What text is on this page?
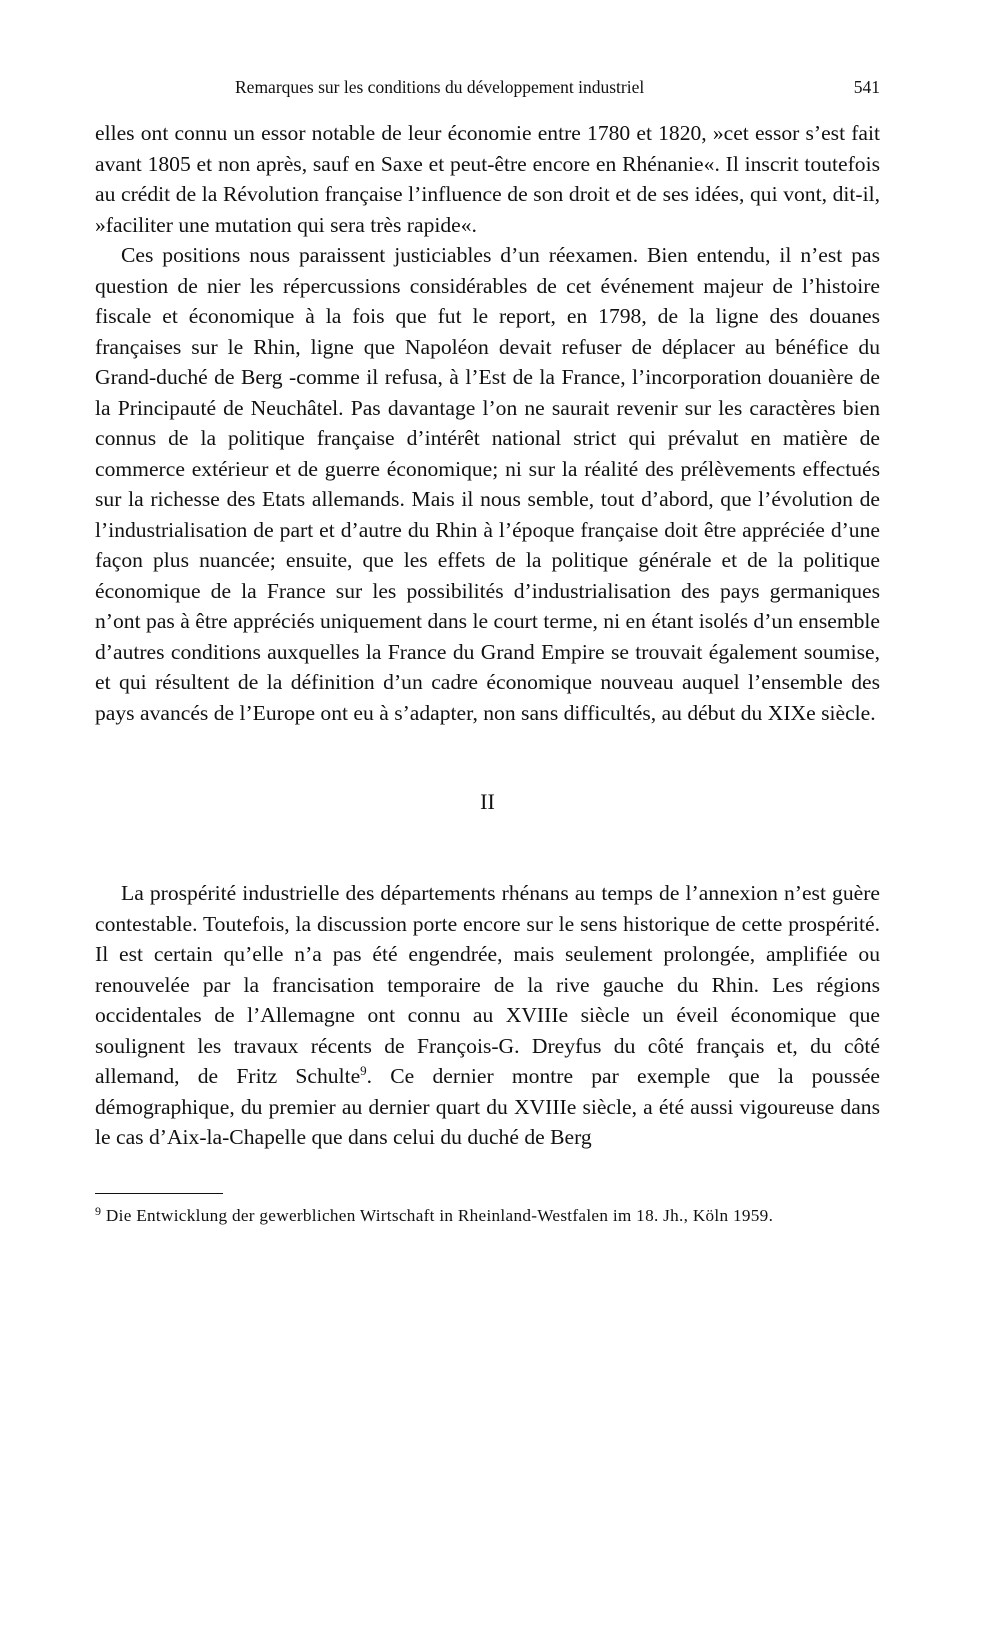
Remarques sur les conditions du développement industriel	541

elles ont connu un essor notable de leur économie entre 1780 et 1820, »cet essor s’est fait avant 1805 et non après, sauf en Saxe et peut-être encore en Rhénanie«. Il inscrit toutefois au crédit de la Révolution française l’influence de son droit et de ses idées, qui vont, dit-il, »faciliter une mutation qui sera très rapide«.

Ces positions nous paraissent justiciables d’un réexamen. Bien entendu, il n’est pas question de nier les répercussions considérables de cet événement majeur de l’histoire fiscale et économique à la fois que fut le report, en 1798, de la ligne des douanes françaises sur le Rhin, ligne que Napoléon devait refuser de déplacer au bénéfice du Grand-duché de Berg -comme il refusa, à l’Est de la France, l’incorporation douanière de la Principauté de Neuchâtel. Pas davantage l’on ne saurait revenir sur les caractères bien connus de la politique française d’intérêt national strict qui prévalut en matière de commerce extérieur et de guerre économique; ni sur la réalité des prélèvements effectués sur la richesse des Etats allemands. Mais il nous semble, tout d’abord, que l’évolution de l’industrialisation de part et d’autre du Rhin à l’époque française doit être appréciée d’une façon plus nuancée; ensuite, que les effets de la politique générale et de la politique économique de la France sur les possibilités d’industrialisation des pays germaniques n’ont pas à être appréciés uniquement dans le court terme, ni en étant isolés d’un ensemble d’autres conditions auxquelles la France du Grand Empire se trouvait également soumise, et qui résultent de la définition d’un cadre économique nouveau auquel l’ensemble des pays avancés de l’Europe ont eu à s’adapter, non sans difficultés, au début du XIXe siècle.

II

La prospérité industrielle des départements rhénans au temps de l’annexion n’est guère contestable. Toutefois, la discussion porte encore sur le sens historique de cette prospérité. Il est certain qu’elle n’a pas été engendrée, mais seulement prolongée, amplifiée ou renouvelée par la francisation temporaire de la rive gauche du Rhin. Les régions occidentales de l’Allemagne ont connu au XVIIIe siècle un éveil économique que soulignent les travaux récents de François-G. Dreyfus du côté français et, du côté allemand, de Fritz Schulte$^9$. Ce dernier montre par exemple que la poussée démographique, du premier au dernier quart du XVIIIe siècle, a été aussi vigoureuse dans le cas d’Aix-la-Chapelle que dans celui du duché de Berg

$^9$ Die Entwicklung der gewerblichen Wirtschaft in Rheinland-Westfalen im 18. Jh., Köln 1959.
